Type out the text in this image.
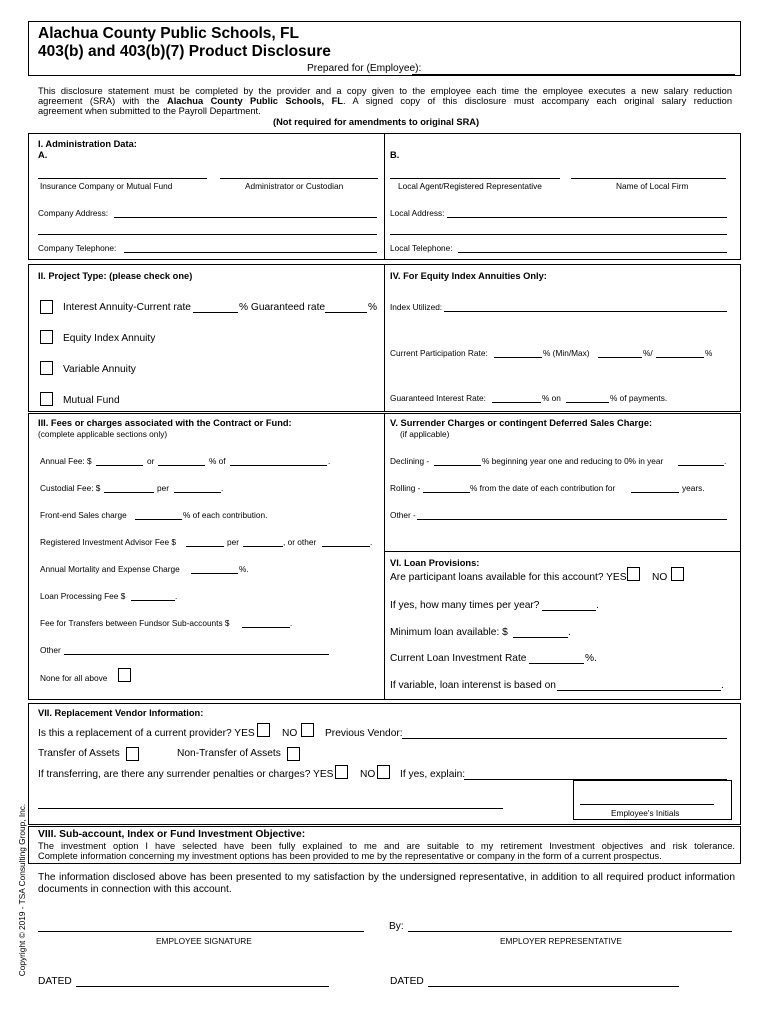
Alachua County Public Schools, FL
403(b) and 403(b)(7) Product Disclosure
Prepared for (Employee):
This disclosure statement must be completed by the provider and a copy given to the employee each time the employee executes a new salary reduction
agreement (SRA) with the Alachua County Public Schools, FL. A signed copy of this disclosure must accompany each original salary reduction
agreement when submitted to the Payroll Department.
(Not required for amendments to original SRA)
I. Administration Data:
A.	B.
Insurance Company or Mutual Fund	Administrator or Custodian	Local Agent/Registered Representative	Name of Local Firm
Company Address:	Local Address:
Company Telephone:	Local Telephone:
II. Project Type: (please check one)	IV. For Equity Index Annuities Only:
Interest Annuity-Current rate	% Guaranteed rate	%
Equity Index Annuity
Variable Annuity
Mutual Fund
Index Utilized:
Current Participation Rate:	% (Min/Max)	%/	%
Guaranteed Interest Rate:	% on	% of payments.
III. Fees or charges associated with the Contract or Fund:
(complete applicable sections only)
Annual Fee: $	or	% of	.
Custodial Fee: $	per	.
Front-end Sales charge	% of each contribution.
Registered Investment Advisor Fee $	per	, or other	.
Annual Mortality and Expense Charge	%.
Loan Processing Fee $	.
Fee for Transfers between Fundsor Sub-accounts $	.
Other
None for all above
V. Surrender Charges or contingent Deferred Sales Charge:
(if applicable)
Declining -	% beginning year one and reducing to 0% in year	.
Rolling -	% from the date of each contribution for	years.
Other -
VI. Loan Provisions:
Are participant loans available for this account? YES NO
If yes, how many times per year?	.
Minimum loan available: $	.
Current Loan Investment Rate	%.
If variable, loan interenst is based on	.
VII. Replacement Vendor Information:
Is this a replacement of a current provider? YES	NO	Previous Vendor:
Transfer of Assets	Non-Transfer of Assets
If transferring, are there any surrender penalties or charges? YES	NO If yes, explain:
Employee's Initials
VIII. Sub-account, Index or Fund Investment Objective:
The investment option I have selected have been fully explained to me and are suitable to my retirement Investment objectives and risk tolerance.
Complete information concerning my investment options has been provided to me by the representative or company in the form of a current prospectus.
The information disclosed above has been presented to my satisfaction by the undersigned representative, in addition to all required product information
documents in connection with this account.
By:
EMPLOYEE SIGNATURE	EMPLOYER REPRESENTATIVE
DATED	DATED
Copyright © 2019 - TSA Consulting Group, Inc.
